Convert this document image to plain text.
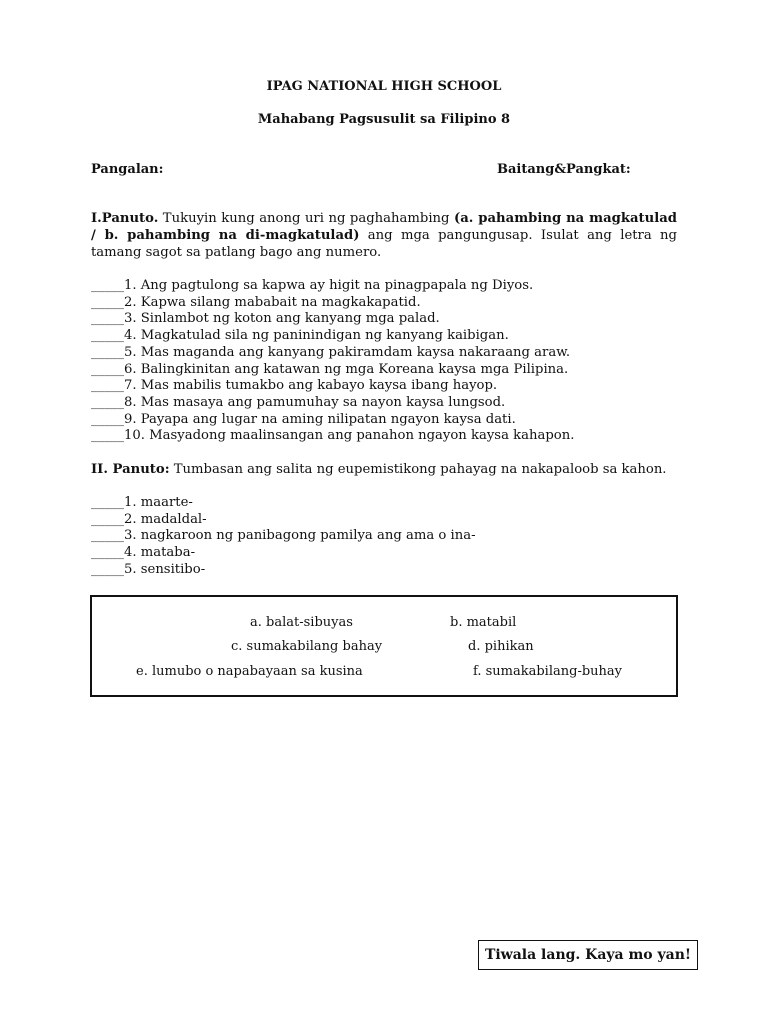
IPAG NATIONAL HIGH SCHOOL
Mahabang Pagsusulit sa Filipino 8
Pangalan:	Baitang&Pangkat:
I.Panuto. Tukuyin kung anong uri ng paghahambing (a. pahambing na magkatulad / b. pahambing na di-magkatulad) ang mga pangungusap. Isulat ang letra ng tamang sagot sa patlang bago ang numero.
_____1. Ang pagtulong sa kapwa ay higit na pinagpapala ng Diyos.
_____2. Kapwa silang mababait na magkakapatid.
_____3. Sinlambot ng koton ang kanyang mga palad.
_____4. Magkatulad sila ng paninindigan ng kanyang kaibigan.
_____5. Mas maganda ang kanyang pakiramdam kaysa nakaraang araw.
_____6. Balingkinitan ang katawan ng mga Koreana kaysa mga Pilipina.
_____7. Mas mabilis tumakbo ang kabayo kaysa ibang hayop.
_____8. Mas masaya ang pamumuhay sa nayon kaysa lungsod.
_____9. Payapa ang lugar na aming nilipatan ngayon kaysa dati.
_____10. Masyadong maalinsangan ang panahon ngayon kaysa kahapon.
II. Panuto: Tumbasan ang salita ng eupemistikong pahayag na nakapaloob sa kahon.
_____1. maarte-
_____2. madaldal-
_____3. nagkaroon ng panibagong pamilya ang ama o ina-
_____4. mataba-
_____5. sensitibo-
a. balat-sibuyas	b. matabil
c. sumakabilang bahay	d. pihikan
e. lumubo o napabayaan sa kusina	f. sumakabilang-buhay
Tiwala lang. Kaya mo yan!
